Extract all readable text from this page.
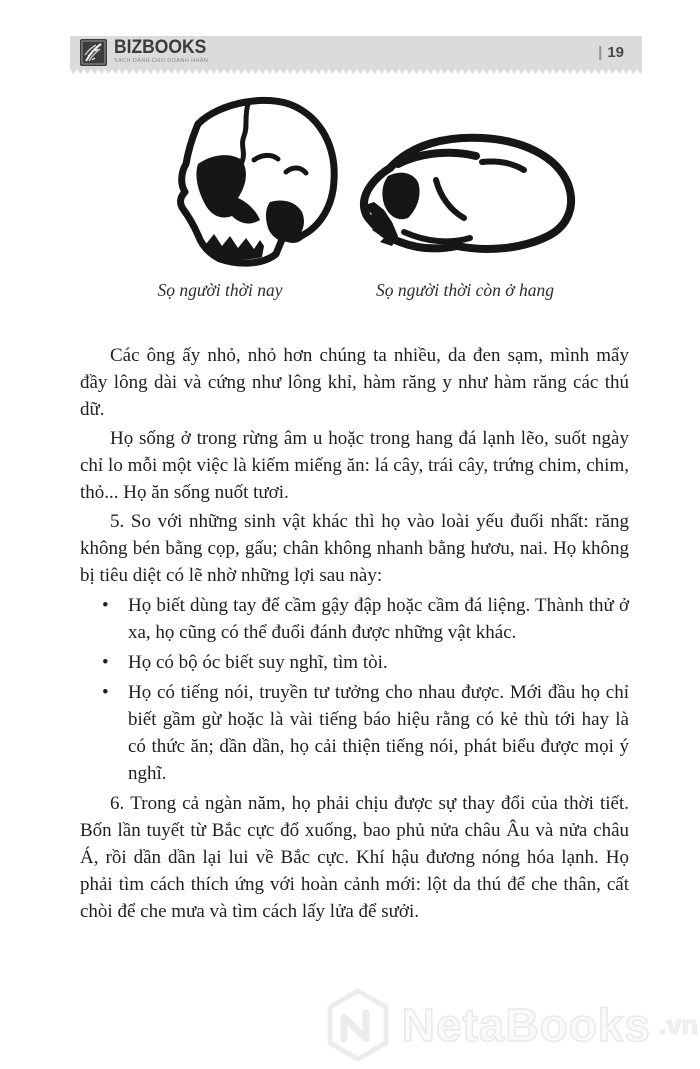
BIZBOOKS
SÁCH DÀNH CHO DOANH NHÂN	| 19
Sọ người thời nay	Sọ người thời còn ở hang

Các ông ấy nhỏ, nhỏ hơn chúng ta nhiều, da đen sạm, mình mẩy đầy lông dài và cứng như lông khỉ, hàm răng y như hàm răng các thú dữ.

Họ sống ở trong rừng âm u hoặc trong hang đá lạnh lẽo, suốt ngày chỉ lo mỗi một việc là kiếm miếng ăn: lá cây, trái cây, trứng chim, chim, thỏ... Họ ăn sống nuốt tươi.

5. So với những sinh vật khác thì họ vào loài yếu đuối nhất: răng không bén bằng cọp, gấu; chân không nhanh bằng hươu, nai. Họ không bị tiêu diệt có lẽ nhờ những lợi sau này:

•	Họ biết dùng tay để cầm gậy đập hoặc cầm đá liệng. Thành thử ở xa, họ cũng có thể đuổi đánh được những vật khác.

•	Họ có bộ óc biết suy nghĩ, tìm tòi.

•	Họ có tiếng nói, truyền tư tưởng cho nhau được. Mới đầu họ chỉ biết gầm gừ hoặc là vài tiếng báo hiệu rằng có kẻ thù tới hay là có thức ăn; dần dần, họ cải thiện tiếng nói, phát biểu được mọi ý nghĩ.

6. Trong cả ngàn năm, họ phải chịu được sự thay đổi của thời tiết. Bốn lần tuyết từ Bắc cực đổ xuống, bao phủ nửa châu Âu và nửa châu Á, rồi dần dần lại lui về Bắc cực. Khí hậu đương nóng hóa lạnh. Họ phải tìm cách thích ứng với hoàn cảnh mới: lột da thú để che thân, cất chòi để che mưa và tìm cách lấy lửa để sưởi.

NetaBooks .vn
